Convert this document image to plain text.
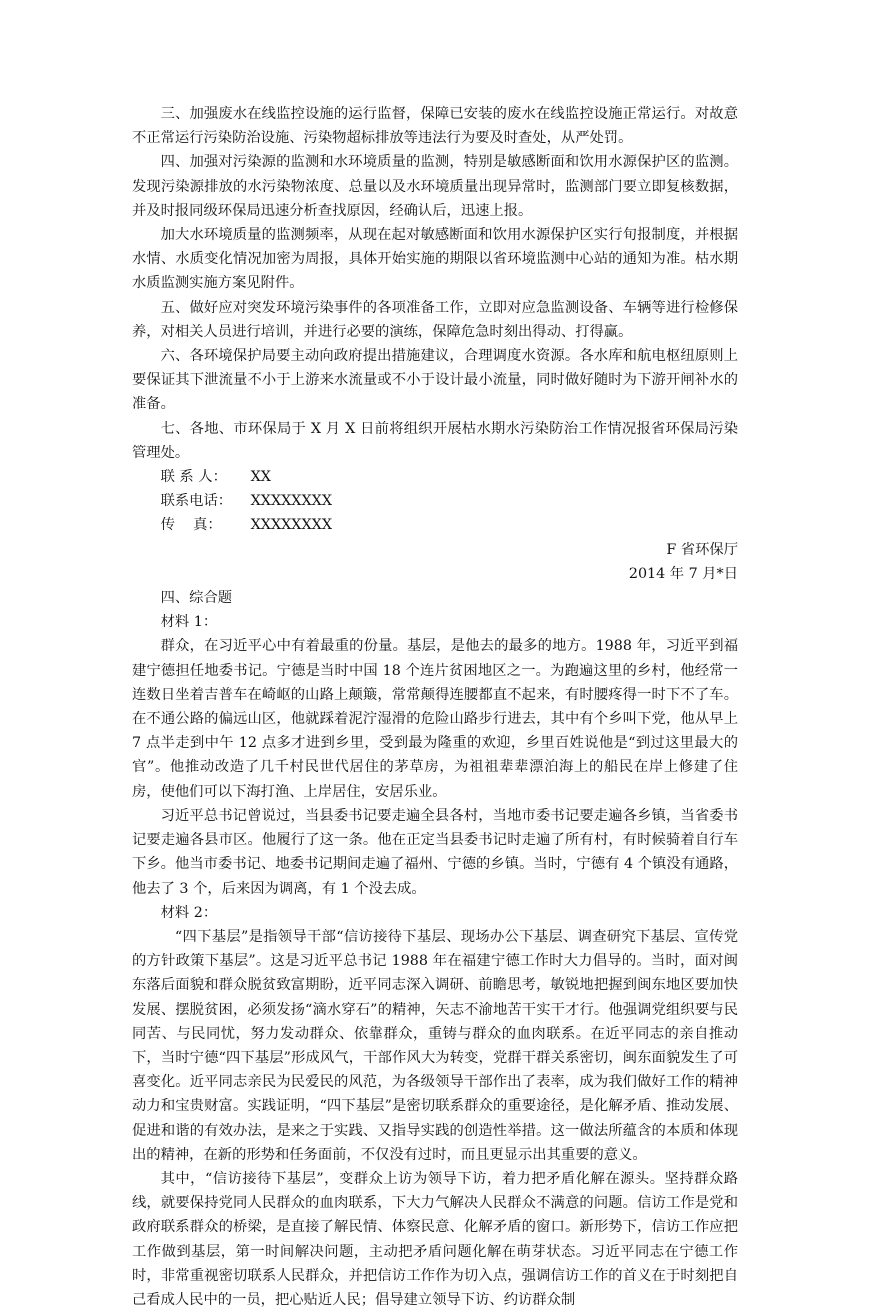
三、加强废水在线监控设施的运行监督，保障已安装的废水在线监控设施正常运行。对故意不正常运行污染防治设施、污染物超标排放等违法行为要及时查处，从严处罚。

四、加强对污染源的监测和水环境质量的监测，特别是敏感断面和饮用水源保护区的监测。发现污染源排放的水污染物浓度、总量以及水环境质量出现异常时，监测部门要立即复核数据，并及时报同级环保局迅速分析查找原因，经确认后，迅速上报。

加大水环境质量的监测频率，从现在起对敏感断面和饮用水源保护区实行旬报制度，并根据水情、水质变化情况加密为周报，具体开始实施的期限以省环境监测中心站的通知为准。枯水期水质监测实施方案见附件。

五、做好应对突发环境污染事件的各项准备工作，立即对应急监测设备、车辆等进行检修保养，对相关人员进行培训，并进行必要的演练，保障危急时刻出得动、打得赢。

六、各环境保护局要主动向政府提出措施建议，合理调度水资源。各水库和航电枢纽原则上要保证其下泄流量不小于上游来水流量或不小于设计最小流量，同时做好随时为下游开闸补水的准备。

七、各地、市环保局于 X 月 X 日前将组织开展枯水期水污染防治工作情况报省环保局污染管理处。

联 系 人：	XX
联系电话：	XXXXXXXX
传    真：	XXXXXXXX

F 省环保厅

2014 年 7 月*日

四、综合题

材料 1：

群众，在习近平心中有着最重的份量。基层，是他去的最多的地方。1988 年，习近平到福建宁德担任地委书记。宁德是当时中国 18 个连片贫困地区之一。为跑遍这里的乡村，他经常一连数日坐着吉普车在崎岖的山路上颠簸，常常颠得连腰都直不起来，有时腰疼得一时下不了车。在不通公路的偏远山区，他就踩着泥泞湿滑的危险山路步行进去，其中有个乡叫下党，他从早上 7 点半走到中午 12 点多才进到乡里，受到最为隆重的欢迎，乡里百姓说他是“到过这里最大的官”。他推动改造了几千村民世代居住的茅草房，为祖祖辈辈漂泊海上的船民在岸上修建了住房，使他们可以下海打渔、上岸居住，安居乐业。

习近平总书记曾说过，当县委书记要走遍全县各村，当地市委书记要走遍各乡镇，当省委书记要走遍各县市区。他履行了这一条。他在正定当县委书记时走遍了所有村，有时候骑着自行车下乡。他当市委书记、地委书记期间走遍了福州、宁德的乡镇。当时，宁德有 4 个镇没有通路，他去了 3 个，后来因为调离，有 1 个没去成。

材料 2：

“四下基层”是指领导干部“信访接待下基层、现场办公下基层、调查研究下基层、宣传党的方针政策下基层”。这是习近平总书记 1988 年在福建宁德工作时大力倡导的。当时，面对闽东落后面貌和群众脱贫致富期盼，近平同志深入调研、前瞻思考，敏锐地把握到闽东地区要加快发展、摆脱贫困，必须发扬“滴水穿石”的精神，矢志不渝地苦干实干才行。他强调党组织要与民同苦、与民同忧，努力发动群众、依靠群众，重铸与群众的血肉联系。在近平同志的亲自推动下，当时宁德“四下基层”形成风气，干部作风大为转变，党群干群关系密切，闽东面貌发生了可喜变化。近平同志亲民为民爱民的风范，为各级领导干部作出了表率，成为我们做好工作的精神动力和宝贵财富。实践证明，“四下基层”是密切联系群众的重要途径，是化解矛盾、推动发展、促进和谐的有效办法，是来之于实践、又指导实践的创造性举措。这一做法所蕴含的本质和体现出的精神，在新的形势和任务面前，不仅没有过时，而且更显示出其重要的意义。

其中，“信访接待下基层”，变群众上访为领导下访，着力把矛盾化解在源头。坚持群众路线，就要保持党同人民群众的血肉联系，下大力气解决人民群众不满意的问题。信访工作是党和政府联系群众的桥梁，是直接了解民情、体察民意、化解矛盾的窗口。新形势下，信访工作应把工作做到基层，第一时间解决问题，主动把矛盾问题化解在萌芽状态。习近平同志在宁德工作时，非常重视密切联系人民群众，并把信访工作作为切入点，强调信访工作的首义在于时刻把自己看成人民中的一员，把心贴近人民；倡导建立领导下访、约访群众制
